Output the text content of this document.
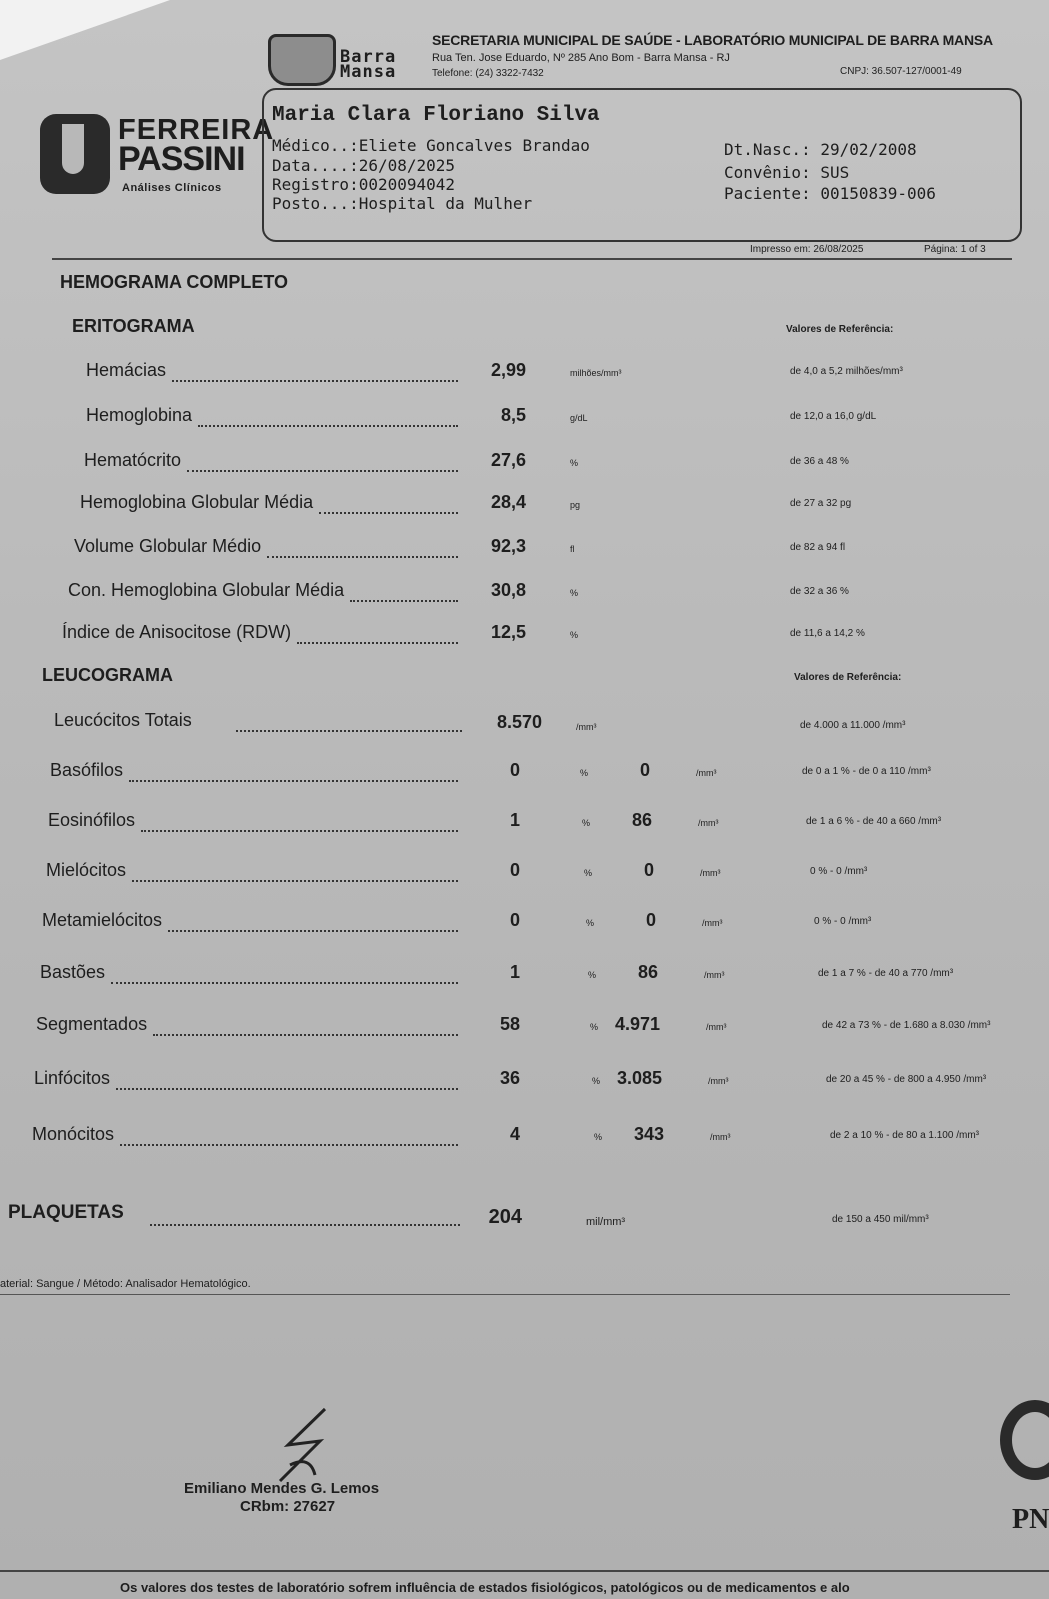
Barra
Mansa
SECRETARIA MUNICIPAL DE SAÚDE - LABORATÓRIO MUNICIPAL DE BARRA MANSA
Rua Ten. Jose Eduardo, Nº 285 Ano Bom - Barra Mansa - RJ
Telefone: (24) 3322-7432	CNPJ: 36.507-127/0001-49
FERREIRA
PASSINI
Análises Clínicos
Maria Clara Floriano Silva
Médico..:Eliete Goncalves Brandao
Data....:26/08/2025
Registro:0020094042
Posto...:Hospital da Mulher
Dt.Nasc.: 29/02/2008
Convênio: SUS
Paciente: 00150839-006
Impresso em: 26/08/2025	Página: 1 of 3
HEMOGRAMA COMPLETO
ERITOGRAMA	Valores de Referência:
Hemácias	2,99	milhões/mm³	de 4,0 a 5,2 milhões/mm³
Hemoglobina	8,5	g/dL	de 12,0 a 16,0 g/dL
Hematócrito	27,6	%	de 36 a 48 %
Hemoglobina Globular Média	28,4	pg	de 27 a 32 pg
Volume Globular Médio	92,3	fl	de 82 a 94 fl
Con. Hemoglobina Globular Média	30,8	%	de 32 a 36 %
Índice de Anisocitose (RDW)	12,5	%	de 11,6 a 14,2 %
LEUCOGRAMA	Valores de Referência:
Leucócitos Totais	8.570	/mm³	de 4.000 a 11.000 /mm³
Basófilos	0	%	0	/mm³	de 0 a 1 % - de 0 a 110 /mm³
Eosinófilos	1	%	86	/mm³	de 1 a 6 % - de 40 a 660 /mm³
Mielócitos	0	%	0	/mm³	0 % - 0 /mm³
Metamielócitos	0	%	0	/mm³	0 % - 0 /mm³
Bastões	1	%	86	/mm³	de 1 a 7 % - de 40 a 770 /mm³
Segmentados	58	% 4.971	/mm³	de 42 a 73 % - de 1.680 a 8.030 /mm³
Linfócitos	36	% 3.085	/mm³	de 20 a 45 % - de 800 a 4.950 /mm³
Monócitos	4	%	343	/mm³	de 2 a 10 % - de 80 a 1.100 /mm³
PLAQUETAS	204	mil/mm³	de 150 a 450 mil/mm³
aterial: Sangue / Método: Analisador Hematológico.
Emiliano Mendes G. Lemos
CRbm: 27627	PN
Os valores dos testes de laboratório sofrem influência de estados fisiológicos, patológicos ou de medicamentos e alo
